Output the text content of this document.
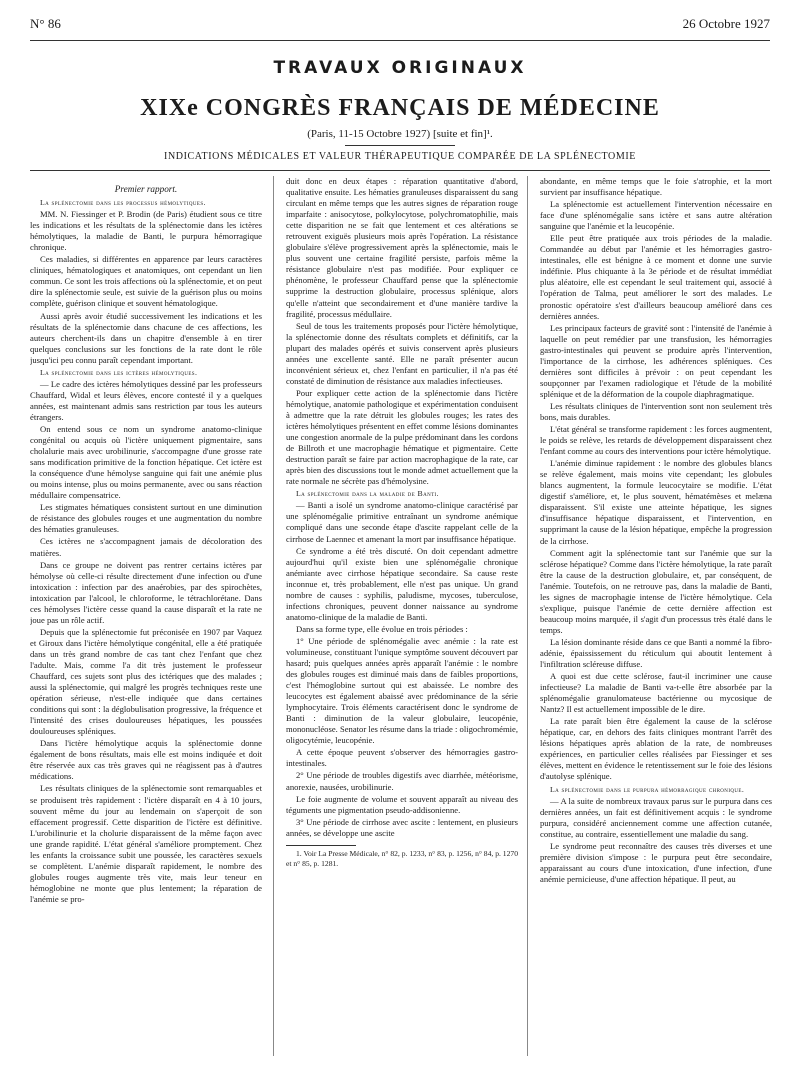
N° 86	26 Octobre 1927
TRAVAUX ORIGINAUX
XIXe CONGRÈS FRANÇAIS DE MÉDECINE
(Paris, 11-15 Octobre 1927) [suite et fin]¹.
INDICATIONS MÉDICALES ET VALEUR THÉRAPEUTIQUE COMPARÉE DE LA SPLÉNECTOMIE

Premier rapport.

La splénectomie dans les processus hémolytiques.

MM. N. Fiessinger et P. Brodin (de Paris) étudient sous ce titre les indications et les résultats de la splénectomie dans les ictères hémolytiques, la maladie de Banti, le purpura hémorragique chronique.

Ces maladies, si différentes en apparence par leurs caractères cliniques, hématologiques et anatomiques, ont cependant un lien commun. Ce sont les trois affections où la splénectomie, et on peut dire la splénectomie seule, est suivie de la guérison plus ou moins complète, guérison clinique et souvent hématologique.

Aussi après avoir étudié successivement les indications et les résultats de la splénectomie dans chacune de ces affections, les auteurs cherchent-ils dans un chapitre d'ensemble à en tirer quelques conclusions sur les fonctions de la rate dont le rôle jusqu'ici peu connu paraît cependant important.

La splénectomie dans les ictères hémolytiques.

— Le cadre des ictères hémolytiques dessiné par les professeurs Chauffard, Widal et leurs élèves, encore contesté il y a quelques années, est maintenant admis sans restriction par tous les auteurs étrangers.

On entend sous ce nom un syndrome anatomo-clinique congénital ou acquis où l'ictère uniquement pigmentaire, sans cholalurie mais avec urobilinurie, s'accompagne d'une grosse rate sans modification primitive de la fonction hépatique. Cet ictère est la conséquence d'une hémolyse sanguine qui fait une anémie plus ou moins intense, plus ou moins permanente, avec ou sans réaction médullaire compensatrice.

Les stigmates hématiques consistent surtout en une diminution de résistance des globules rouges et une augmentation du nombre des hématies granuleuses.

Ces ictères ne s'accompagnent jamais de décoloration des matières.

Dans ce groupe ne doivent pas rentrer certains ictères par hémolyse où celle-ci résulte directement d'une infection ou d'une intoxication : infection par des anaérobies, par des spirochètes, intoxication par l'alcool, le chloroforme, le tétrachlorétane. Dans ces hémolyses l'ictère cesse quand la cause disparaît et la rate ne joue pas un rôle actif.

Depuis que la splénectomie fut préconisée en 1907 par Vaquez et Giroux dans l'ictère hémolytique congénital, elle a été pratiquée dans un très grand nombre de cas tant chez l'enfant que chez l'adulte. Mais, comme l'a dit très justement le professeur Chauffard, ces sujets sont plus des ictériques que des malades ; aussi la splénectomie, qui malgré les progrès techniques reste une opération sérieuse, n'est-elle indiquée que dans certaines conditions qui sont : la déglobulisation progressive, la fréquence et l'intensité des crises douloureuses hépatiques, les poussées douloureuses spléniques.

Dans l'ictère hémolytique acquis la splénectomie donne également de bons résultats, mais elle est moins indiquée et doit être réservée aux cas très graves qui ne réagissent pas à d'autres médications.

Les résultats cliniques de la splénectomie sont remarquables et se produisent très rapidement : l'ictère disparaît en 4 à 10 jours, souvent même du jour au lendemain on s'aperçoit de son effacement progressif. Cette disparition de l'ictère est définitive. L'urobilinurie et la cholurie disparaissent de la même façon avec une grande rapidité. L'état général s'améliore promptement. Chez les enfants la croissance subit une poussée, les caractères sexuels se complètent. L'anémie disparaît rapidement, le nombre des globules rouges augmente très vite, mais leur teneur en hémoglobine ne monte que plus lentement; la réparation de l'anémie se pro-

duit donc en deux étapes : réparation quantitative d'abord, qualitative ensuite. Les hématies granuleuses disparaissent du sang circulant en même temps que les autres signes de réparation rouge imparfaite : anisocytose, polkylocytose, polychromatophilie, mais cette disparition ne se fait que lentement et ces altérations se retrouvent exiguës plusieurs mois après l'opération. La résistance globulaire s'élève progressivement après la splénectomie, mais le plus souvent une certaine fragilité persiste, parfois même la résistance globulaire n'est pas modifiée. Pour expliquer ce phénomène, le professeur Chauffard pense que la splénectomie supprime la destruction globulaire, processus splénique, alors qu'elle n'atteint que secondairement et d'une manière tardive la fragilité, processus médullaire.

Seul de tous les traitements proposés pour l'ictère hémolytique, la splénectomie donne des résultats complets et définitifs, car la plupart des malades opérés et suivis conservent après plusieurs années une excellente santé. Elle ne paraît présenter aucun inconvénient sérieux et, chez l'enfant en particulier, il n'a pas été constaté de diminution de résistance aux maladies infectieuses.

Pour expliquer cette action de la splénectomie dans l'ictère hémolytique, anatomie pathologique et expérimentation conduisent à admettre que la rate détruit les globules rouges; les rates des ictères hémolytiques présentent en effet comme lésions dominantes une congestion anormale de la pulpe prédominant dans les cordons de Billroth et une macrophagie hématique et pigmentaire. Cette destruction paraît se faire par action macrophagique de la rate, car après bien des discussions tout le monde admet actuellement que la rate normale ne sécrète pas d'hémolysine.

La splénectomie dans la maladie de Banti.

— Banti a isolé un syndrome anatomo-clinique caractérisé par une splénomégalie primitive entraînant un syndrome anémique compliqué dans une seconde étape d'ascite rappelant celle de la cirrhose de Laennec et amenant la mort par insuffisance hépatique.

Ce syndrome a été très discuté. On doit cependant admettre aujourd'hui qu'il existe bien une splénomégalie chronique anémiante avec cirrhose hépatique secondaire. Sa cause reste inconnue et, très probablement, elle n'est pas unique. Un grand nombre de causes : syphilis, paludisme, mycoses, tuberculose, infections chroniques, peuvent donner naissance au syndrome anatomo-clinique de la maladie de Banti.

Dans sa forme type, elle évolue en trois périodes :

1° Une période de splénomégalie avec anémie : la rate est volumineuse, constituant l'unique symptôme souvent découvert par hasard; puis quelques années après apparaît l'anémie : le nombre des globules rouges est diminué mais dans de faibles proportions, c'est l'hémoglobine surtout qui est abaissée. Le nombre des leucocytes est également abaissé avec prédominance de la série lymphocytaire. Trois éléments caractérisent donc le syndrome de Banti : diminution de la valeur globulaire, leucopénie, mononucléose. Senator les résume dans la triade : oligochromémie, oligocytémie, leucopénie.

A cette époque peuvent s'observer des hémorragies gastro-intestinales.

2° Une période de troubles digestifs avec diarrhée, météorisme, anorexie, nausées, urobilinurie.

Le foie augmente de volume et souvent apparaît au niveau des téguments une pigmentation pseudo-addisonienne.

3° Une période de cirrhose avec ascite : lentement, en plusieurs années, se développe une ascite

1. Voir La Presse Médicale, n° 82, p. 1233, n° 83, p. 1256, n° 84, p. 1270 et n° 85, p. 1281.

abondante, en même temps que le foie s'atrophie, et la mort survient par insuffisance hépatique.

La splénectomie est actuellement l'intervention nécessaire en face d'une splénomégalie sans ictère et sans autre altération sanguine que l'anémie et la leucopénie.

Elle peut être pratiquée aux trois périodes de la maladie. Commandée au début par l'anémie et les hémorragies gastro-intestinales, elle est bénigne à ce moment et donne une survie indéfinie. Plus chiquante à la 3e période et de résultat immédiat plus aléatoire, elle est cependant le seul traitement qui, associé à l'opération de Talma, peut améliorer le sort des malades. Le pronostic opératoire s'est d'ailleurs beaucoup amélioré dans ces dernières années.

Les principaux facteurs de gravité sont : l'intensité de l'anémie à laquelle on peut remédier par une transfusion, les hémorragies gastro-intestinales qui peuvent se produire après l'intervention, l'importance de la cirrhose, les adhérences spléniques. Ces dernières sont difficiles à prévoir : on peut cependant les soupçonner par l'examen radiologique et l'étude de la mobilité splénique et de la déformation de la coupole diaphragmatique.

Les résultats cliniques de l'intervention sont non seulement très bons, mais durables.

L'état général se transforme rapidement : les forces augmentent, le poids se relève, les retards de développement disparaissent chez l'enfant comme au cours des interventions pour ictère hémolytique.

L'anémie diminue rapidement : le nombre des globules blancs se relève également, mais moins vite cependant; les globules blancs augmentent, la formule leucocytaire se modifie. L'état digestif s'améliore, et, le plus souvent, hématémèses et melæna disparaissent. S'il existe une atteinte hépatique, les signes d'insuffisance hépatique disparaissent, et l'intervention, en supprimant la cause de la lésion hépatique, empêche la progression de la cirrhose.

Comment agit la splénectomie tant sur l'anémie que sur la sclérose hépatique? Comme dans l'ictère hémolytique, la rate paraît être la cause de la destruction globulaire, et, par conséquent, de l'anémie. Toutefois, on ne retrouve pas, dans la maladie de Banti, les signes de macrophagie intense de l'ictère hémolytique. Cela s'explique, puisque l'anémie de cette dernière affection est beaucoup moins marquée, il s'agit d'un processus très étalé dans le temps.

La lésion dominante réside dans ce que Banti a nommé la fibro-adénie, épaississement du réticulum qui aboutit lentement à l'infiltration scléreuse diffuse.

A quoi est due cette sclérose, faut-il incriminer une cause infectieuse? La maladie de Banti va-t-elle être absorbée par la splénomégalie granulomateuse bactérienne ou mycosique de Nantz? Il est actuellement impossible de le dire.

La rate paraît bien être également la cause de la sclérose hépatique, car, en dehors des faits cliniques montrant l'arrêt des lésions hépatiques après ablation de la rate, de nombreuses expériences, en particulier celles réalisées par Fiessinger et ses élèves, mettent en évidence le retentissement sur le foie des lésions d'autolyse splénique.

La splénectomie dans le purpura hémorragique chronique.

— A la suite de nombreux travaux parus sur le purpura dans ces dernières années, un fait est définitivement acquis : le syndrome purpura, considéré anciennement comme une affection cutanée, constitue, au contraire, essentiellement une maladie du sang.

Le syndrome peut reconnaître des causes très diverses et une première division s'impose : le purpura peut être secondaire, apparaissant au cours d'une intoxication, d'une infection, d'une anémie pernicieuse, d'une affection hépatique. Il peut, au
